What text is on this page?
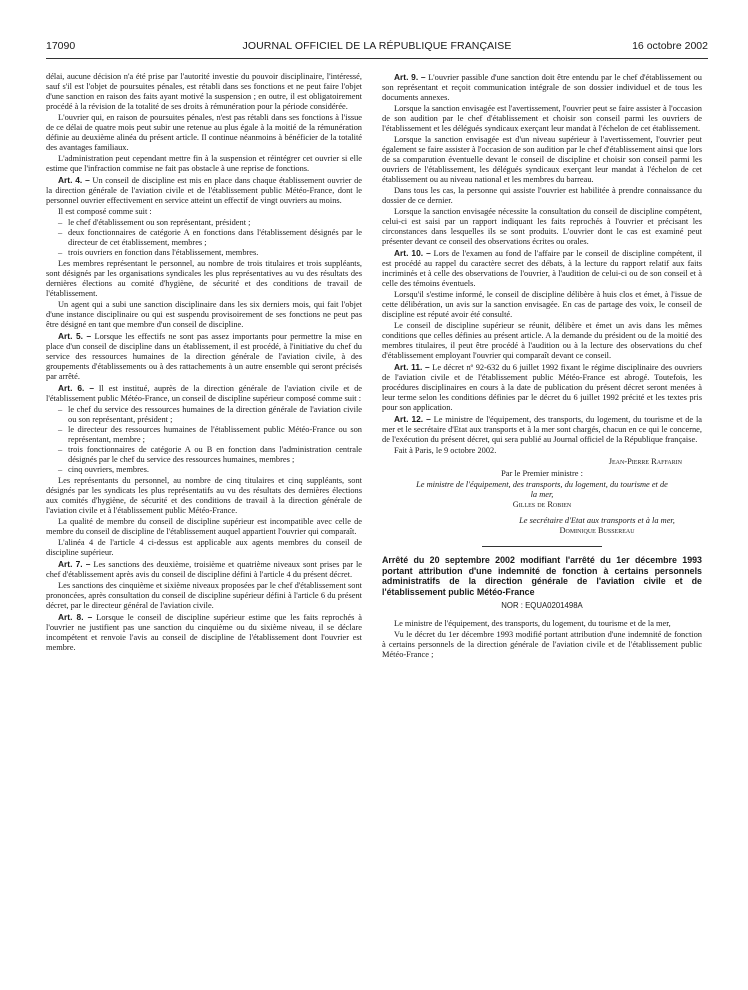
17090	JOURNAL OFFICIEL DE LA RÉPUBLIQUE FRANÇAISE	16 octobre 2002

délai, aucune décision n'a été prise par l'autorité investie du pouvoir disciplinaire, l'intéressé, sauf s'il est l'objet de poursuites pénales, est rétabli dans ses fonctions et ne peut faire l'objet d'une sanction en raison des faits ayant motivé la suspension ; en outre, il est obligatoirement procédé à la révision de la totalité de ses droits à rémunération pour la période considérée.

L'ouvrier qui, en raison de poursuites pénales, n'est pas rétabli dans ses fonctions à l'issue de ce délai de quatre mois peut subir une retenue au plus égale à la moitié de la rémunération définie au deuxième alinéa du présent article. Il continue néanmoins à bénéficier de la totalité des avantages familiaux.

L'administration peut cependant mettre fin à la suspension et réintégrer cet ouvrier si elle estime que l'infraction commise ne fait pas obstacle à une reprise de fonctions.

Art. 4. – Un conseil de discipline est mis en place dans chaque établissement ouvrier de la direction générale de l'aviation civile et de l'établissement public Météo-France, dont le personnel ouvrier effectivement en service atteint un effectif de vingt ouvriers au moins.

Il est composé comme suit :

– le chef d'établissement ou son représentant, président ;
– deux fonctionnaires de catégorie A en fonctions dans l'établissement désignés par le directeur de cet établissement, membres ;
– trois ouvriers en fonction dans l'établissement, membres.

Les membres représentant le personnel, au nombre de trois titulaires et trois suppléants, sont désignés par les organisations syndicales les plus représentatives au vu des résultats des dernières élections au comité d'hygiène, de sécurité et des conditions de travail de l'établissement.

Un agent qui a subi une sanction disciplinaire dans les six derniers mois, qui fait l'objet d'une instance disciplinaire ou qui est suspendu provisoirement de ses fonctions ne peut pas être désigné en tant que membre d'un conseil de discipline.

Art. 5. – Lorsque les effectifs ne sont pas assez importants pour permettre la mise en place d'un conseil de discipline dans un établissement, il est procédé, à l'initiative du chef du service des ressources humaines de la direction générale de l'aviation civile, à des groupements d'établissements ou à des rattachements à un autre ensemble qui seront précisés par arrêté.

Art. 6. – Il est institué, auprès de la direction générale de l'aviation civile et de l'établissement public Météo-France, un conseil de discipline supérieur composé comme suit :

– le chef du service des ressources humaines de la direction générale de l'aviation civile ou son représentant, président ;
– le directeur des ressources humaines de l'établissement public Météo-France ou son représentant, membre ;
– trois fonctionnaires de catégorie A ou B en fonction dans l'administration centrale désignés par le chef du service des ressources humaines, membres ;
– cinq ouvriers, membres.

Les représentants du personnel, au nombre de cinq titulaires et cinq suppléants, sont désignés par les syndicats les plus représentatifs au vu des résultats des dernières élections aux comités d'hygiène, de sécurité et des conditions de travail à la direction générale de l'aviation civile et à l'établissement public Météo-France.

La qualité de membre du conseil de discipline supérieur est incompatible avec celle de membre du conseil de discipline de l'établissement auquel appartient l'ouvrier qui comparaît.

L'alinéa 4 de l'article 4 ci-dessus est applicable aux agents membres du conseil de discipline supérieur.

Art. 7. – Les sanctions des deuxième, troisième et quatrième niveaux sont prises par le chef d'établissement après avis du conseil de discipline défini à l'article 4 du présent décret.

Les sanctions des cinquième et sixième niveaux proposées par le chef d'établissement sont prononcées, après consultation du conseil de discipline supérieur défini à l'article 6 du présent décret, par le directeur général de l'aviation civile.

Art. 8. – Lorsque le conseil de discipline supérieur estime que les faits reprochés à l'ouvrier ne justifient pas une sanction du cinquième ou du sixième niveau, il se déclare incompétent et renvoie l'avis au conseil de discipline de l'établissement dont l'ouvrier est membre.

Art. 9. – L'ouvrier passible d'une sanction doit être entendu par le chef d'établissement ou son représentant et reçoit communication intégrale de son dossier individuel et de tous les documents annexes.

Lorsque la sanction envisagée est l'avertissement, l'ouvrier peut se faire assister à l'occasion de son audition par le chef d'établissement et choisir son conseil parmi les ouvriers de l'établissement et les délégués syndicaux exerçant leur mandat à l'échelon de cet établissement.

Lorsque la sanction envisagée est d'un niveau supérieur à l'avertissement, l'ouvrier peut également se faire assister à l'occasion de son audition par le chef d'établissement ainsi que lors de sa comparution éventuelle devant le conseil de discipline et choisir son conseil parmi les ouvriers de l'établissement, les délégués syndicaux exerçant leur mandat à l'échelon de cet établissement ou au niveau national et les membres du barreau.

Dans tous les cas, la personne qui assiste l'ouvrier est habilitée à prendre connaissance du dossier de ce dernier.

Lorsque la sanction envisagée nécessite la consultation du conseil de discipline compétent, celui-ci est saisi par un rapport indiquant les faits reprochés à l'ouvrier et précisant les circonstances dans lesquelles ils se sont produits. L'ouvrier dont le cas est examiné peut présenter devant ce conseil des observations écrites ou orales.

Art. 10. – Lors de l'examen au fond de l'affaire par le conseil de discipline compétent, il est procédé au rappel du caractère secret des débats, à la lecture du rapport relatif aux faits incriminés et à celle des observations de l'ouvrier, à l'audition de celui-ci ou de son conseil et à celle des témoins éventuels.

Lorsqu'il s'estime informé, le conseil de discipline délibère à huis clos et émet, à l'issue de cette délibération, un avis sur la sanction envisagée. En cas de partage des voix, le conseil de discipline est réputé avoir été consulté.

Le conseil de discipline supérieur se réunit, délibère et émet un avis dans les mêmes conditions que celles définies au présent article. A la demande du président ou de la moitié des membres titulaires, il peut être procédé à l'audition ou à la lecture des observations du chef d'établissement employant l'ouvrier qui comparaît devant ce conseil.

Art. 11. – Le décret nº 92-632 du 6 juillet 1992 fixant le régime disciplinaire des ouvriers de l'aviation civile et de l'établissement public Météo-France est abrogé. Toutefois, les procédures disciplinaires en cours à la date de publication du présent décret seront menées à leur terme selon les conditions définies par le décret du 6 juillet 1992 précité et les textes pris pour son application.

Art. 12. – Le ministre de l'équipement, des transports, du logement, du tourisme et de la mer et le secrétaire d'Etat aux transports et à la mer sont chargés, chacun en ce qui le concerne, de l'exécution du présent décret, qui sera publié au Journal officiel de la République française.

Fait à Paris, le 9 octobre 2002.

Jean-Pierre Raffarin
Par le Premier ministre :
Le ministre de l'équipement, des transports, du logement, du tourisme et de la mer,
Gilles de Robien
Le secrétaire d'Etat aux transports et à la mer,
Dominique Bussereau
Arrêté du 20 septembre 2002 modifiant l'arrêté du 1er décembre 1993 portant attribution d'une indemnité de fonction à certains personnels administratifs de la direction générale de l'aviation civile et de l'établissement public Météo-France
NOR : EQUA0201498A

Le ministre de l'équipement, des transports, du logement, du tourisme et de la mer,

Vu le décret du 1er décembre 1993 modifié portant attribution d'une indemnité de fonction à certains personnels de la direction générale de l'aviation civile et de l'établissement public Météo-France ;
